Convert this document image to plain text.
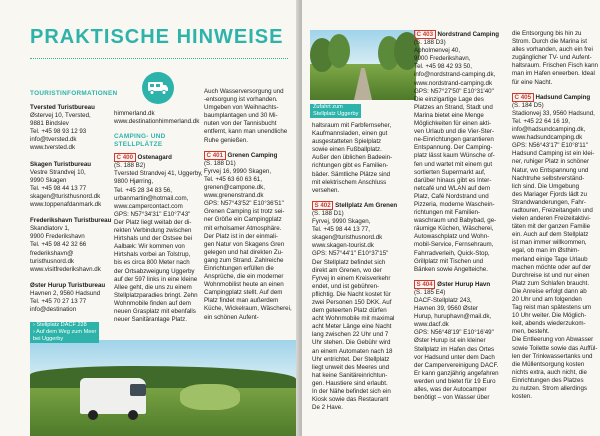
PRAKTISCHE HINWEISE
TOURISTINFORMATIONEN
Tversted Turistbureau
Østervej 10, Tversted,
9881 Bindslev
Tel. +45 98 93 12 93
info@tversted.dk
www.tversted.dk
Skagen Turistbureau
Vestre Strandvej 10,
9990 Skagen
Tel. +45 98 44 13 77
skagen@turisthusnord.dk
www.toppenafdanmark.dk
Frederikshavn Turistbureau
Skandiatorv 1,
9900 Frederikshavn
Tel. +45 98 42 32 66
frederikshavn@
turisthusnord.dk
www.visitfrederikshavn.dk
Øster Hurup Turistbureau
Havnen 2, 9560 Hadsund
Tel. +45 70 27 13 77
info@destination
himmerland.dk
www.destinationhimmerland.dk
CAMPING- UND
STELLPLÄTZE
C 400 Ostenagard
(S. 188 B2)
Tversted Strandvej 41, Uggerby,
9800 Hjørring,
Tel. +45 28 34 83 56,
urbanmartin@hotmail.com,
www.campercontact.com
GPS: N57°34'31" E10°7'43"
Der Platz liegt weitab der di-
rekten Verbindung zwischen
Hirtshals und der Ostsee bei
Aalbæk: Wir kommen von
Hirtshals vorbei an Tolstrup,
bis es circa 800 Meter nach
der Ortsabzweigung Uggerby
auf der 597 links in eine kleine
Allee geht, die uns zu einem
Stellplatzparadies bringt. Zehn
Wohnmobile finden auf dem
neuen Grasplatz mit ebenfalls
neuer Sanitäranlage Platz.
Auch Wasserversorgung und
-entsorgung ist vorhanden.
Umgeben von Weihnachts-
baumplantagen und 30 Mi-
nuten von der Tannisbucht
entfernt, kann man unendliche
Ruhe genießen.
C 401 Grenen Camping
(S. 188 D1)
Fyrvej 16, 9990 Skagen,
Tel. +45 63 60 63 61,
grenen@campone.dk,
www.grenenstrand.dk
GPS: N57°43'52" E10°36'51"
Grenen Camping ist trotz sei-
ner Größe ein Campingplatz
mit erholsamer Atmosphäre.
Der Platz ist in der einmali-
gen Natur von Skagens Gren
gelegen und hat direkten Zu-
gang zum Strand. Zahlreiche
Einrichtungen erfüllen die
Ansprüche, die ein moderner
Wohnmobilist heute an einen
Campingplatz stellt. Auf dem
Platz findet man außerdem
Küche, Wickelraum, Wäscherei,
ein schönen Aufent-
› Stellplatz DACF 228
› Auf dem Weg zum Meer
bei Uggerby
Zufahrt zum
Stellplatz Uggerby
haltsraum mit Farbfernseher,
Kaufmannsladen, einen gut
ausgestatteten Spielplatz
sowie einen Fußballplatz.
Außer den üblichen Badeein-
richtungen gibt es Familien-
bäder. Sämtliche Plätze sind
mit elektrischem Anschluss
versehen.
S 402 Stellplatz Am Grenen
(S. 188 D1)
Fyrvej, 9990 Skagen,
Tel. +45 98 44 13 77,
skagen@turisthusnord.dk
www.skagen-tourist.dk
GPS: N57°44'1" E10°37'15"
Der Stellplatz befindet sich
direkt am Grenen, wo der
Fyrvej in einem Kreisverkehr
endet, und ist gebühren-
pflichtig. Die Nacht kostet für
zwei Personen 150 DKK. Auf
dem geteerten Platz dürfen
acht Wohnmobile mit maximal
acht Meter Länge eine Nacht
lang zwischen 22 Uhr und 7
Uhr stehen. Die Gebühr wird
an einem Automaten nach 18
Uhr entrichtet. Der Stellplatz
liegt unweit des Meeres und
hat keine Sanitäreinrichtun-
gen. Haustiere sind erlaubt.
In der Nähe befindet sich ein
Kiosk sowie das Restaurant
De 2 Have.
C 403 Nordstrand Camping
(S. 188 D3)
Apholmenvej 40,
9900 Frederikshavn,
Tel. +45 98 42 93 50,
info@nordstrand-camping.dk,
www.nordstrand-camping.dk
GPS: N57°27'50" E10°31'40"
Die einzigartige Lage des
Platzes an Strand, Stadt und
Marina bietet eine Menge
Möglichkeiten für einen akti-
ven Urlaub und die Vier-Ster-
ne-Einrichtungen garantieren
Entspannung. Der Camping-
platz lässt kaum Wünsche of-
fen und wartet mit einem gut
sortierten Supermarkt auf,
darüber hinaus gibt es Inter-
netcafé und WLAN auf dem
Platz, Café Nordstrand und
Pizzeria, moderne Waschein-
richtungen mit Familien-
waschraum und Babybad, ge-
räumige Küchen, Wäscherei,
Autowaschplatz und Wohn-
mobil-Service, Fernsehraum,
Fahrradverleih, Quick-Stop,
Grillplatz mit Tischen und
Bänken sowie Angelteiche.
S 404 Øster Hurup Havn
(S. 185 E4)
DACF-Stellplatz 243,
Havnen 39, 9560 Øster
Hurup, huruphavn@mail.dk,
www.dacf.dk
GPS: N56°48'19" E10°16'49"
Øster Hurup ist ein kleiner
Stellplatz im Hafen des Ortes
vor Hadsund unter dem Dach
der Campervereinigung DACF.
Er kann ganzjährig angefahren
werden und bietet für 19 Euro
alles, was der Autocamper
benötigt – von Wasser über
die Entsorgung bis hin zu
Strom. Durch die Marina ist
alles vorhanden, auch ein frei
zugänglicher TV- und Aufent-
haltsraum. Frischen Fisch kann
man im Hafen erwerben. Ideal
für eine Nacht.
C 405 Hadsund Camping
(S. 184 D5)
Stadionvej 33, 9560 Hadsund,
Tel. +45 22 64 16 19,
info@hadsundcamping.dk,
www.hadsundcamping.dk
GPS: N56°43'17" E10°8'11"
Hadsund Camping ist ein klei-
ner, ruhiger Platz in schöner
Natur, wo Entspannung und
Nachtruhe selbstverständ-
lich sind. Die Umgebung
des Mariager Fjords lädt zu
Strandwanderungen, Fahr-
radtouren, Freizeitangeln und
vielen anderen Freizeitaktivi-
täten mit der ganzen Familie
ein. Auch auf dem Stellplatz
ist man immer willkommen,
egal, ob man im Østhim-
merland einige Tage Urlaub
machen möchte oder auf der
Durchreise ist und nur einen
Platz zum Schlafen braucht.
Die Anreise erfolgt dann ab
20 Uhr und am folgenden
Tag reist man spätestens um
10 Uhr weiter. Die Möglich-
keit, abends wiederzukom-
men, besteht.
Die Entleerung von Abwasser
sowie Toilette sowie das Auffül-
len der Trinkwassertanks und
die Müllentsorgung kosten
nichts extra, auch nicht, die
Einrichtungen des Platzes
zu nutzen. Strom allerdings
kosten.
